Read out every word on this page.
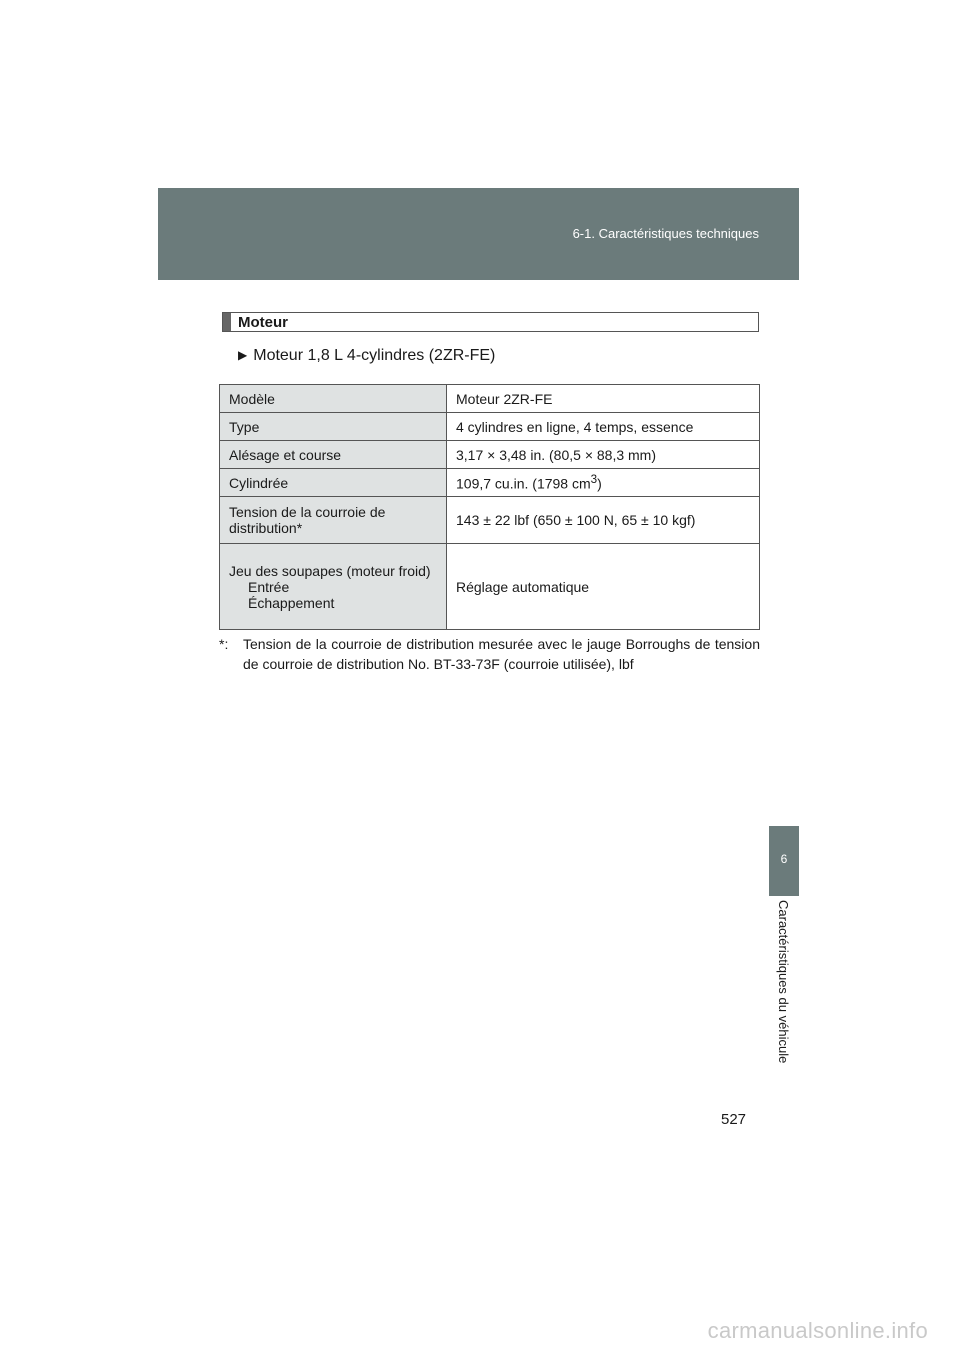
6-1. Caractéristiques techniques
6
Caractéristiques du véhicule
Moteur
▶ Moteur 1,8 L 4-cylindres (2ZR-FE)
Modèle	Moteur 2ZR-FE
Type	4 cylindres en ligne, 4 temps, essence
Alésage et course	3,17 × 3,48 in. (80,5 × 88,3 mm)
Cylindrée	109,7 cu.in. (1798 $cm^3$)
Tension de la courroie de distribution*	143 ± 22 lbf (650 ± 100 N, 65 ± 10 kgf)
Jeu des soupapes (moteur froid)
Entrée
Échappement	Réglage automatique
*:	Tension de la courroie de distribution mesurée avec le jauge Borroughs de tension de courroie de distribution No. BT-33-73F (courroie utilisée), lbf
527
carmanualsonline.info
